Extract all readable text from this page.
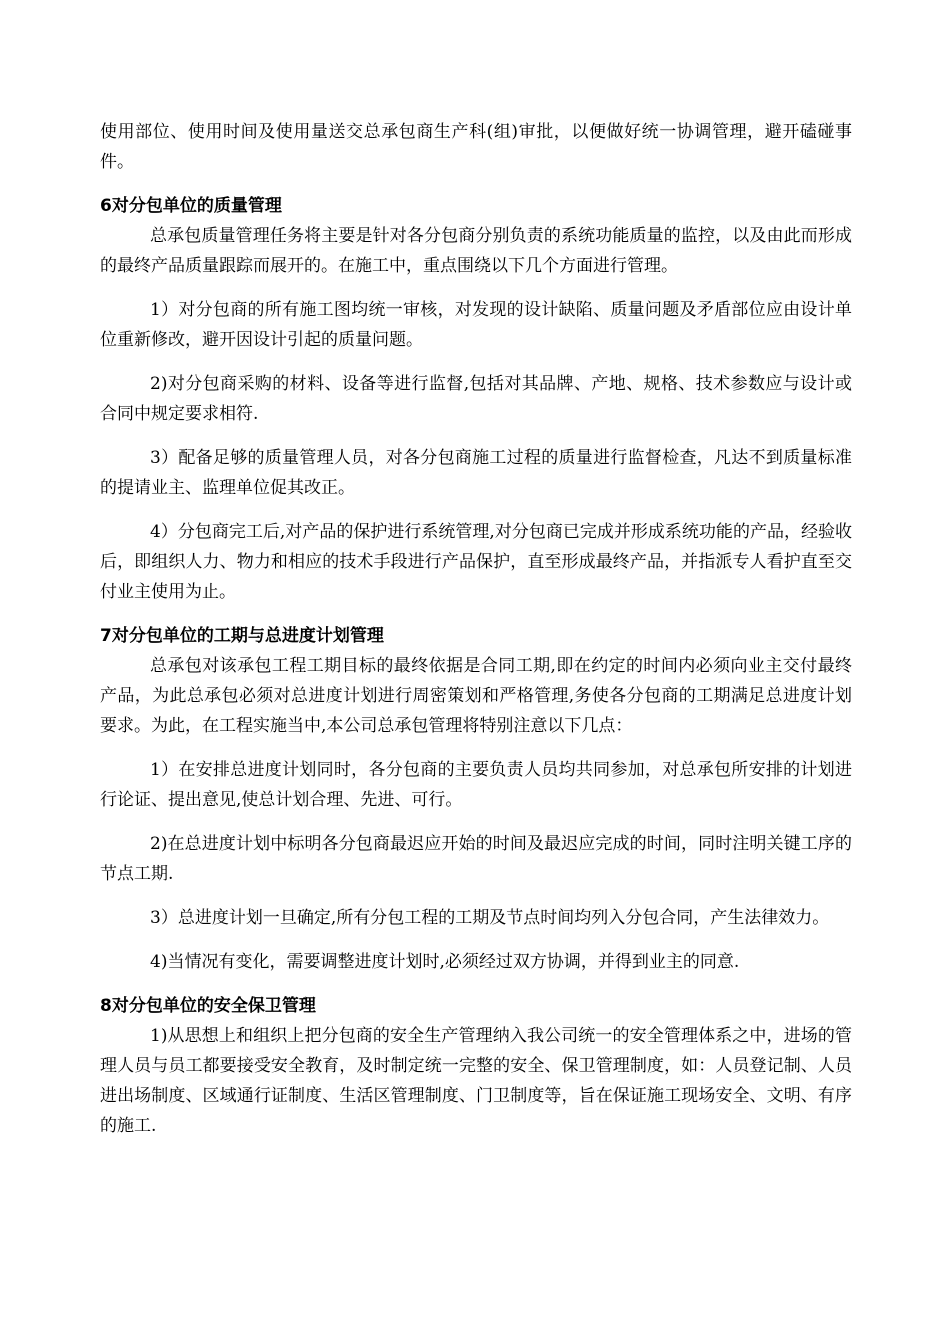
使用部位、使用时间及使用量送交总承包商生产科(组)审批，以便做好统一协调管理，避开磕碰事件。

6对分包单位的质量管理

总承包质量管理任务将主要是针对各分包商分别负责的系统功能质量的监控，以及由此而形成的最终产品质量跟踪而展开的。在施工中，重点围绕以下几个方面进行管理。

1）对分包商的所有施工图均统一审核，对发现的设计缺陷、质量问题及矛盾部位应由设计单位重新修改，避开因设计引起的质量问题。

2)对分包商采购的材料、设备等进行监督,包括对其品牌、产地、规格、技术参数应与设计或合同中规定要求相符.

3）配备足够的质量管理人员，对各分包商施工过程的质量进行监督检查，凡达不到质量标准的提请业主、监理单位促其改正。

4）分包商完工后,对产品的保护进行系统管理,对分包商已完成并形成系统功能的产品，经验收后，即组织人力、物力和相应的技术手段进行产品保护，直至形成最终产品，并指派专人看护直至交付业主使用为止。

7对分包单位的工期与总进度计划管理

总承包对该承包工程工期目标的最终依据是合同工期,即在约定的时间内必须向业主交付最终产品，为此总承包必须对总进度计划进行周密策划和严格管理,务使各分包商的工期满足总进度计划要求。为此，在工程实施当中,本公司总承包管理将特别注意以下几点：

1）在安排总进度计划同时，各分包商的主要负责人员均共同参加，对总承包所安排的计划进行论证、提出意见,使总计划合理、先进、可行。

2)在总进度计划中标明各分包商最迟应开始的时间及最迟应完成的时间，同时注明关键工序的节点工期.

3）总进度计划一旦确定,所有分包工程的工期及节点时间均列入分包合同，产生法律效力。

4)当情况有变化，需要调整进度计划时,必须经过双方协调，并得到业主的同意.

8对分包单位的安全保卫管理

1)从思想上和组织上把分包商的安全生产管理纳入我公司统一的安全管理体系之中，进场的管理人员与员工都要接受安全教育，及时制定统一完整的安全、保卫管理制度，如：人员登记制、人员进出场制度、区域通行证制度、生活区管理制度、门卫制度等，旨在保证施工现场安全、文明、有序的施工.
